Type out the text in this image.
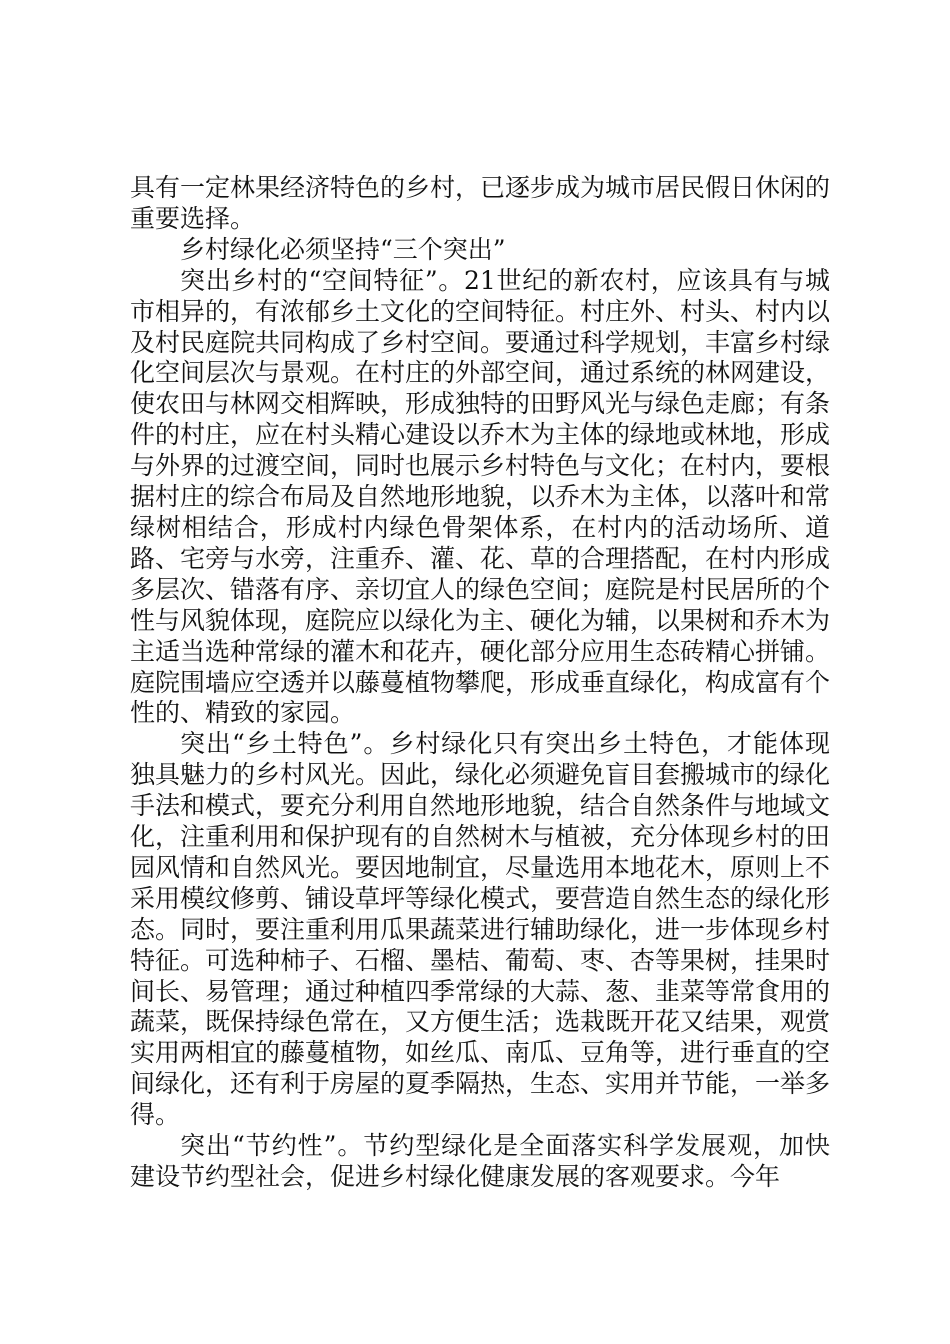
具有一定林果经济特色的乡村，已逐步成为城市居民假日休闲的重要选择。

乡村绿化必须坚持“三个突出”

突出乡村的“空间特征”。21世纪的新农村，应该具有与城市相异的，有浓郁乡土文化的空间特征。村庄外、村头、村内以及村民庭院共同构成了乡村空间。要通过科学规划，丰富乡村绿化空间层次与景观。在村庄的外部空间，通过系统的林网建设，使农田与林网交相辉映，形成独特的田野风光与绿色走廊；有条件的村庄，应在村头精心建设以乔木为主体的绿地或林地，形成与外界的过渡空间，同时也展示乡村特色与文化；在村内，要根据村庄的综合布局及自然地形地貌，以乔木为主体，以落叶和常绿树相结合，形成村内绿色骨架体系，在村内的活动场所、道路、宅旁与水旁，注重乔、灌、花、草的合理搭配，在村内形成多层次、错落有序、亲切宜人的绿色空间；庭院是村民居所的个性与风貌体现，庭院应以绿化为主、硬化为辅，以果树和乔木为主适当选种常绿的灌木和花卉，硬化部分应用生态砖精心拼铺。庭院围墙应空透并以藤蔓植物攀爬，形成垂直绿化，构成富有个性的、精致的家园。

突出“乡土特色”。乡村绿化只有突出乡土特色，才能体现独具魅力的乡村风光。因此，绿化必须避免盲目套搬城市的绿化手法和模式，要充分利用自然地形地貌，结合自然条件与地域文化，注重利用和保护现有的自然树木与植被，充分体现乡村的田园风情和自然风光。要因地制宜，尽量选用本地花木，原则上不采用模纹修剪、铺设草坪等绿化模式，要营造自然生态的绿化形态。同时，要注重利用瓜果蔬菜进行辅助绿化，进一步体现乡村特征。可选种柿子、石榴、墨桔、葡萄、枣、杏等果树，挂果时间长、易管理；通过种植四季常绿的大蒜、葱、韭菜等常食用的蔬菜，既保持绿色常在，又方便生活；选栽既开花又结果，观赏实用两相宜的藤蔓植物，如丝瓜、南瓜、豆角等，进行垂直的空间绿化，还有利于房屋的夏季隔热，生态、实用并节能，一举多得。

突出“节约性”。节约型绿化是全面落实科学发展观，加快建设节约型社会，促进乡村绿化健康发展的客观要求。今年
